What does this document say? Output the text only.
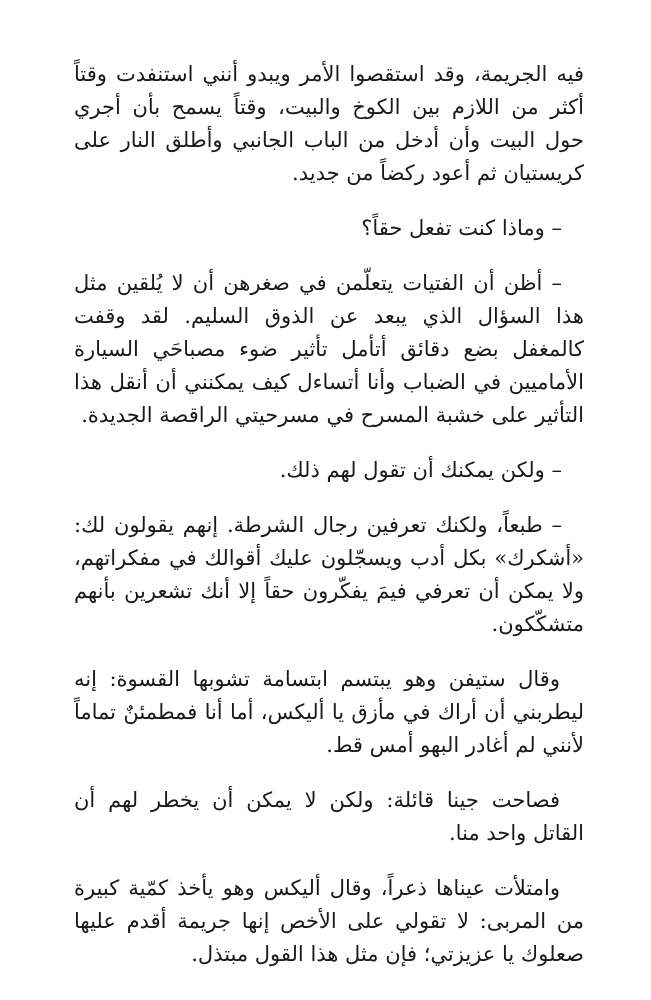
فيه الجريمة، وقد استقصوا الأمر ويبدو أنني استنفدت وقتاً أكثر من اللازم بين الكوخ والبيت، وقتاً يسمح بأن أجري حول البيت وأن أدخل من الباب الجانبي وأطلق النار على كريستيان ثم أعود ركضاً من جديد.

– وماذا كنت تفعل حقاً؟

– أظن أن الفتيات يتعلّمن في صغرهن أن لا يُلقين مثل هذا السؤال الذي يبعد عن الذوق السليم. لقد وقفت كالمغفل بضع دقائق أتأمل تأثير ضوء مصباحَي السيارة الأماميين في الضباب وأنا أتساءل كيف يمكنني أن أنقل هذا التأثير على خشبة المسرح في مسرحيتي الراقصة الجديدة.

– ولكن يمكنك أن تقول لهم ذلك.

– طبعاً، ولكنك تعرفين رجال الشرطة. إنهم يقولون لك: «أشكرك» بكل أدب ويسجّلون عليك أقوالك في مفكراتهم، ولا يمكن أن تعرفي فيمَ يفكّرون حقاً إلا أنك تشعرين بأنهم متشكّكون.

وقال ستيفن وهو يبتسم ابتسامة تشوبها القسوة: إنه ليطربني أن أراك في مأزق يا أليكس، أما أنا فمطمئنٌ تماماً لأنني لم أغادر البهو أمس قط.

فصاحت جينا قائلة: ولكن لا يمكن أن يخطر لهم أن القاتل واحد منا.

وامتلأت عيناها ذعراً، وقال أليكس وهو يأخذ كمّية كبيرة من المربى: لا تقولي على الأخص إنها جريمة أقدم عليها صعلوك يا عزيزتي؛ فإن مثل هذا القول مبتذل.
